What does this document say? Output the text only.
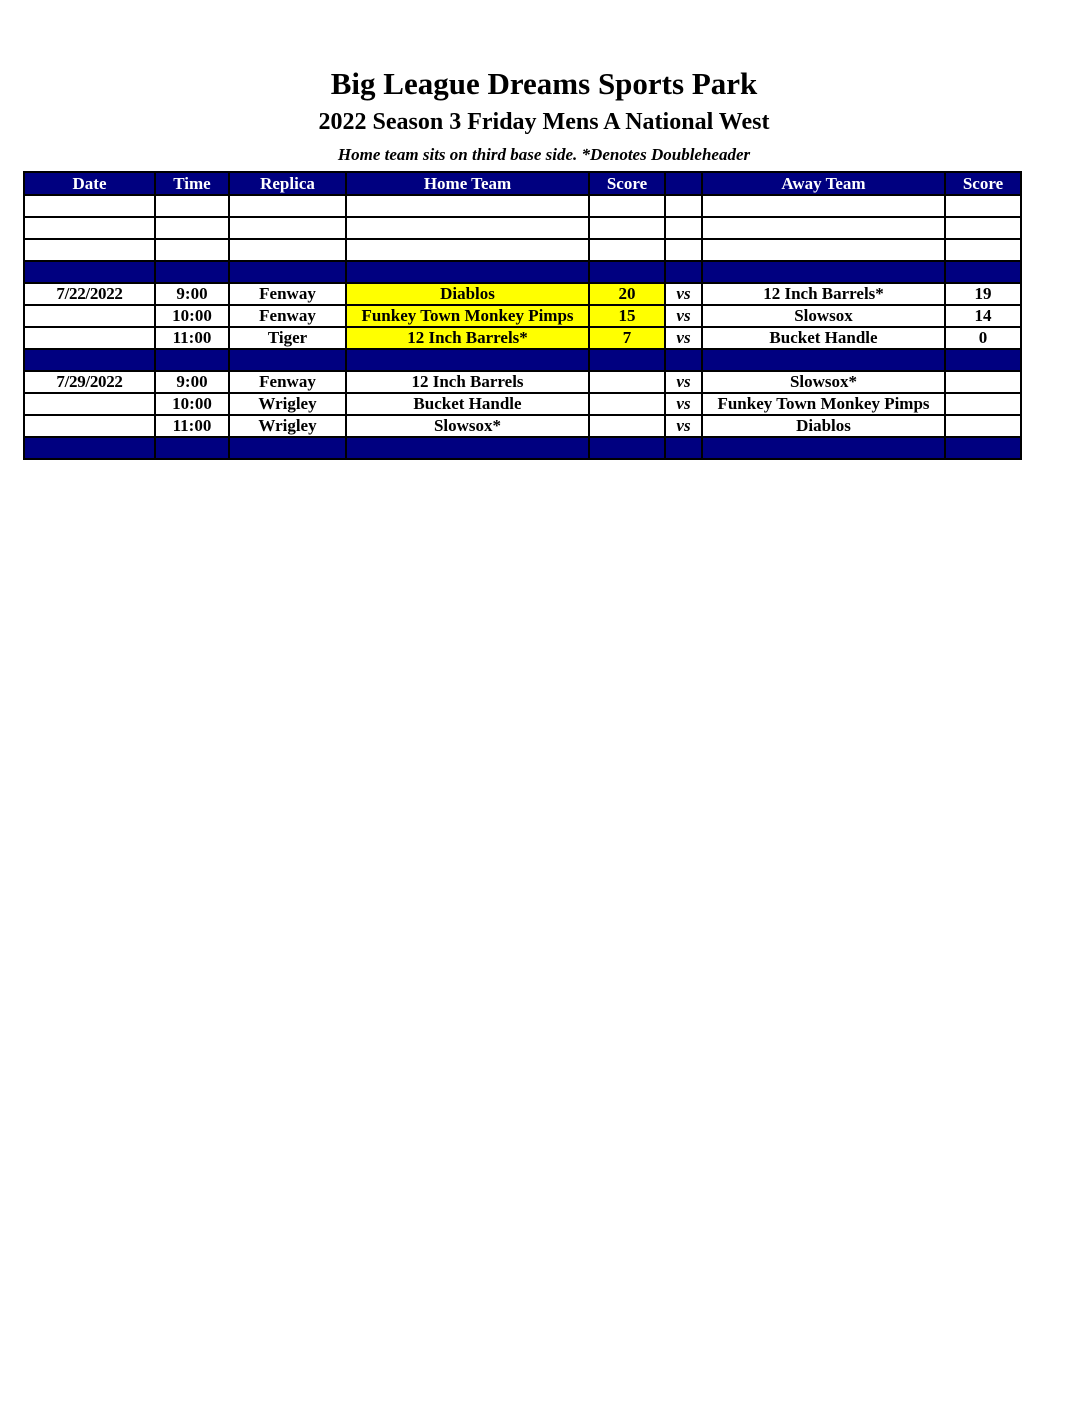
Big League Dreams Sports Park
2022 Season 3 Friday Mens A National West
Home team sits on third base side. *Denotes Doubleheader
Date	Time	Replica	Home Team	Score		Away Team	Score

7/22/2022	9:00	Fenway	Diablos	20	vs	12 Inch Barrels*	19
	10:00	Fenway	Funkey Town Monkey Pimps	15	vs	Slowsox	14
	11:00	Tiger	12 Inch Barrels*	7	vs	Bucket Handle	0

7/29/2022	9:00	Fenway	12 Inch Barrels		vs	Slowsox*	
	10:00	Wrigley	Bucket Handle		vs	Funkey Town Monkey Pimps	
	11:00	Wrigley	Slowsox*		vs	Diablos	
